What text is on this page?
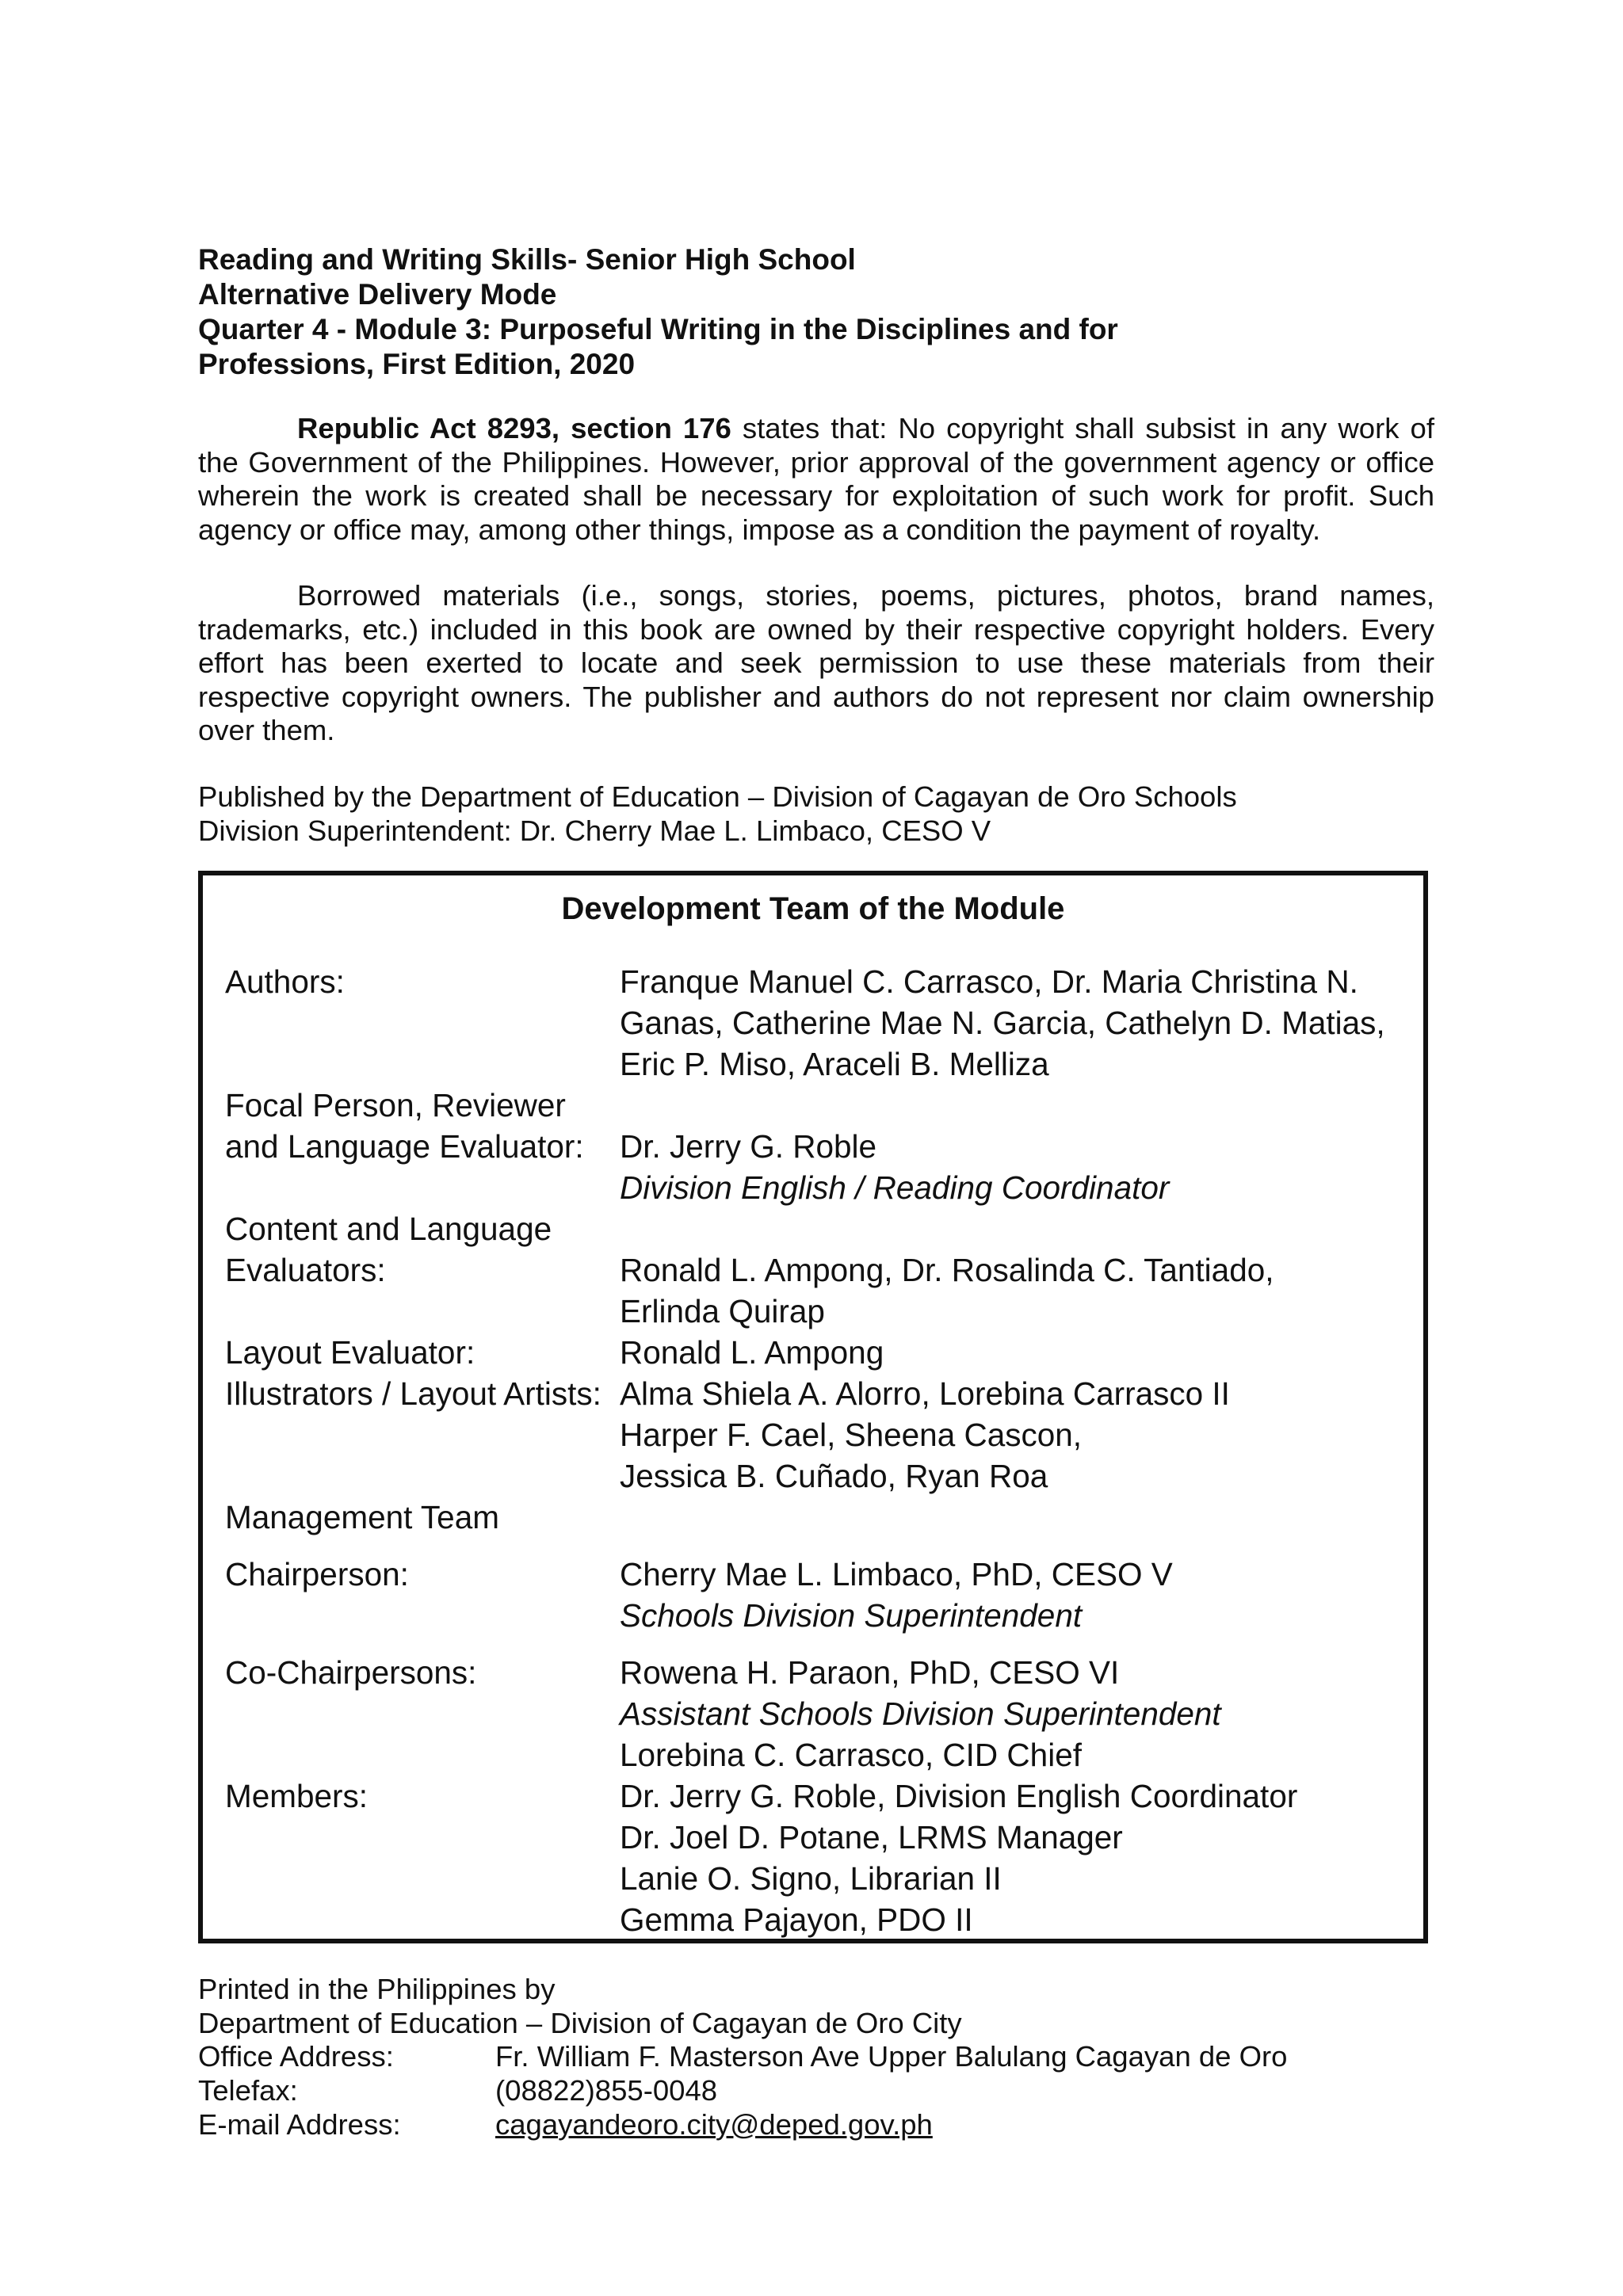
Reading and Writing Skills- Senior High School
Alternative Delivery Mode
Quarter 4 - Module 3: Purposeful Writing in the Disciplines and for
Professions, First Edition, 2020

Republic Act 8293, section 176 states that: No copyright shall subsist in any work of the Government of the Philippines. However, prior approval of the government agency or office wherein the work is created shall be necessary for exploitation of such work for profit. Such agency or office may, among other things, impose as a condition the payment of royalty.

Borrowed materials (i.e., songs, stories, poems, pictures, photos, brand names, trademarks, etc.) included in this book are owned by their respective copyright holders. Every effort has been exerted to locate and seek permission to use these materials from their respective copyright owners. The publisher and authors do not represent nor claim ownership over them.

Published by the Department of Education – Division of Cagayan de Oro Schools
Division Superintendent: Dr. Cherry Mae L. Limbaco, CESO V
Development Team of the Module
Authors:	Franque Manuel C. Carrasco, Dr. Maria Christina N.
Ganas, Catherine Mae N. Garcia, Cathelyn D. Matias,
Eric P. Miso, Araceli B. Melliza
Focal Person, Reviewer
and Language Evaluator: Dr. Jerry G. Roble
Division English / Reading Coordinator
Content and Language
Evaluators:	Ronald L. Ampong, Dr. Rosalinda C. Tantiado,
Erlinda Quirap
Layout Evaluator:	Ronald L. Ampong
Illustrators / Layout Artists: Alma Shiela A. Alorro, Lorebina Carrasco II
Harper F. Cael, Sheena Cascon,
Jessica B. Cuñado, Ryan Roa
Management Team
Chairperson:	Cherry Mae L. Limbaco, PhD, CESO V
Schools Division Superintendent
Co-Chairpersons:	Rowena H. Paraon, PhD, CESO VI
Assistant Schools Division Superintendent
Lorebina C. Carrasco, CID Chief
Members:	Dr. Jerry G. Roble, Division English Coordinator
Dr. Joel D. Potane, LRMS Manager
Lanie O. Signo, Librarian II
Gemma Pajayon, PDO II
Printed in the Philippines by
Department of Education – Division of Cagayan de Oro City
Office Address:	Fr. William F. Masterson Ave Upper Balulang Cagayan de Oro
Telefax:	(08822)855-0048
E-mail Address:	cagayandeoro.city@deped.gov.ph
